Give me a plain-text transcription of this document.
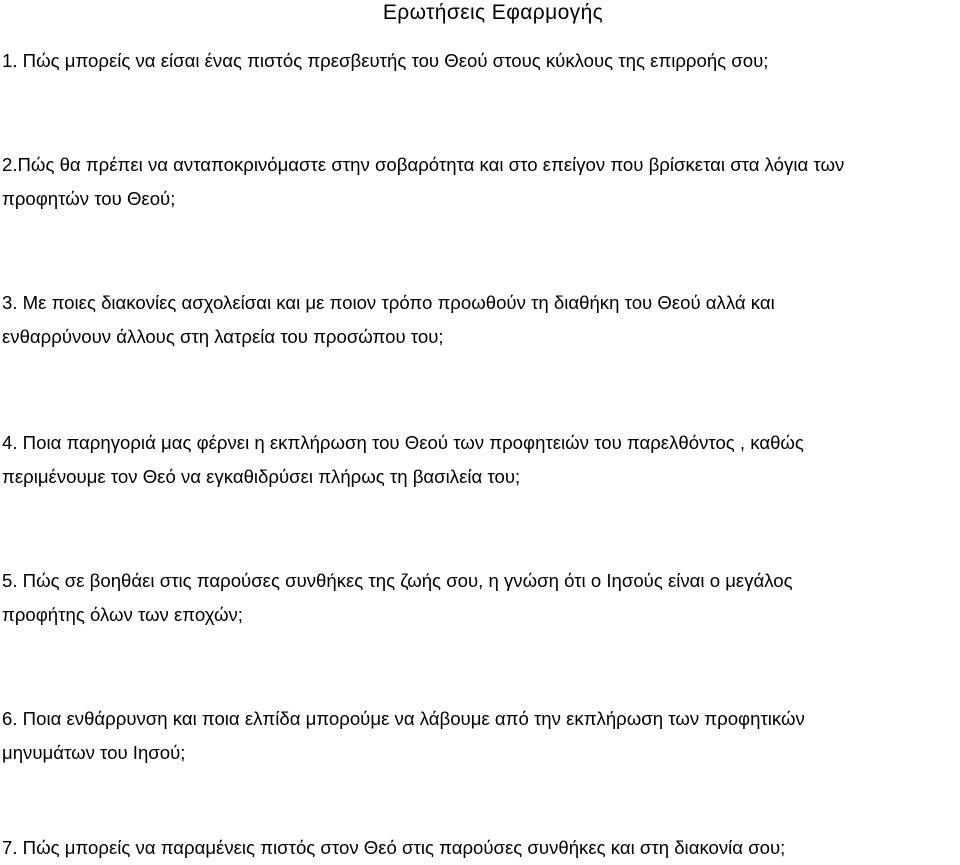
Ερωτήσεις Εφαρμογής
1. Πώς μπορείς να είσαι ένας πιστός πρεσβευτής του Θεού στους κύκλους της επιρροής σου;
2.Πώς θα πρέπει να ανταποκρινόμαστε στην σοβαρότητα και στο επείγον που βρίσκεται στα λόγια των
προφητών του Θεού;
3. Με ποιες διακονίες ασχολείσαι και με ποιον τρόπο προωθούν τη διαθήκη του Θεού αλλά και
ενθαρρύνουν άλλους στη λατρεία του προσώπου του;
4. Ποια παρηγοριά μας φέρνει η εκπλήρωση του Θεού των προφητειών του παρελθόντος , καθώς
περιμένουμε τον Θεό να εγκαθιδρύσει πλήρως τη βασιλεία του;
5. Πώς σε βοηθάει στις παρούσες συνθήκες της ζωής σου, η γνώση ότι ο Ιησούς είναι ο μεγάλος
προφήτης όλων των εποχών;
6. Ποια ενθάρρυνση και ποια ελπίδα μπορούμε να λάβουμε από την εκπλήρωση των προφητικών
μηνυμάτων του Ιησού;
7. Πώς μπορείς να παραμένεις πιστός στον Θεό στις παρούσες συνθήκες και στη διακονία σου;
